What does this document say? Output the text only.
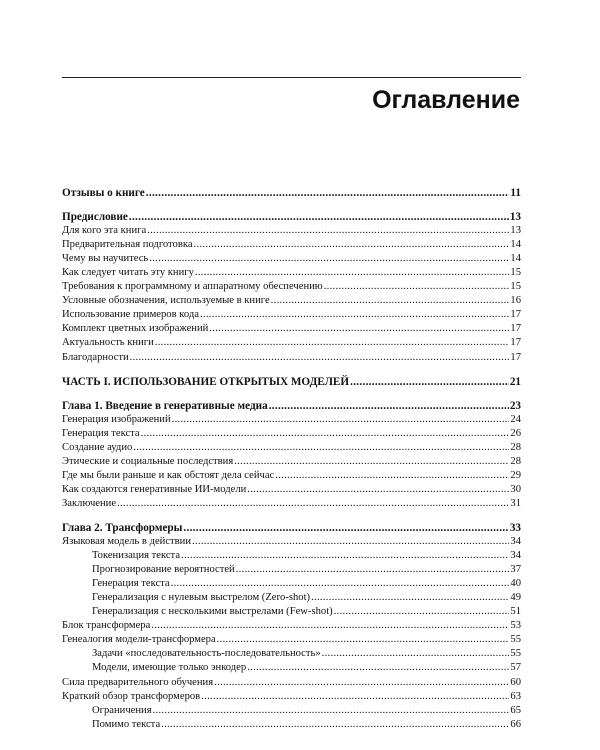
Оглавление
Отзывы о книге .....	11
Предисловие .....	13
Для кого эта книга .....	13
Предварительная подготовка .....	14
Чему вы научитесь .....	14
Как следует читать эту книгу .....	15
Требования к программному и аппаратному обеспечению .....	15
Условные обозначения, используемые в книге .....	16
Использование примеров кода .....	17
Комплект цветных изображений .....	17
Актуальность книги .....	17
Благодарности .....	17
ЧАСТЬ I. ИСПОЛЬЗОВАНИЕ ОТКРЫТЫХ МОДЕЛЕЙ .....	21
Глава 1. Введение в генеративные медиа .....	23
Генерация изображений .....	24
Генерация текста .....	26
Создание аудио .....	28
Этические и социальные последствия .....	28
Где мы были раньше и как обстоят дела сейчас .....	29
Как создаются генеративные ИИ-модели .....	30
Заключение .....	31
Глава 2. Трансформеры .....	33
Языковая модель в действии .....	34
Токенизация текста .....	34
Прогнозирование вероятностей .....	37
Генерация текста .....	40
Генерализация с нулевым выстрелом (Zero-shot) .....	49
Генерализация с несколькими выстрелами (Few-shot) .....	51
Блок трансформера .....	53
Генеалогия модели-трансформера .....	55
Задачи «последовательность-последовательность» .....	55
Модели, имеющие только энкодер .....	57
Сила предварительного обучения .....	60
Краткий обзор трансформеров .....	63
Ограничения .....	65
Помимо текста .....	66
